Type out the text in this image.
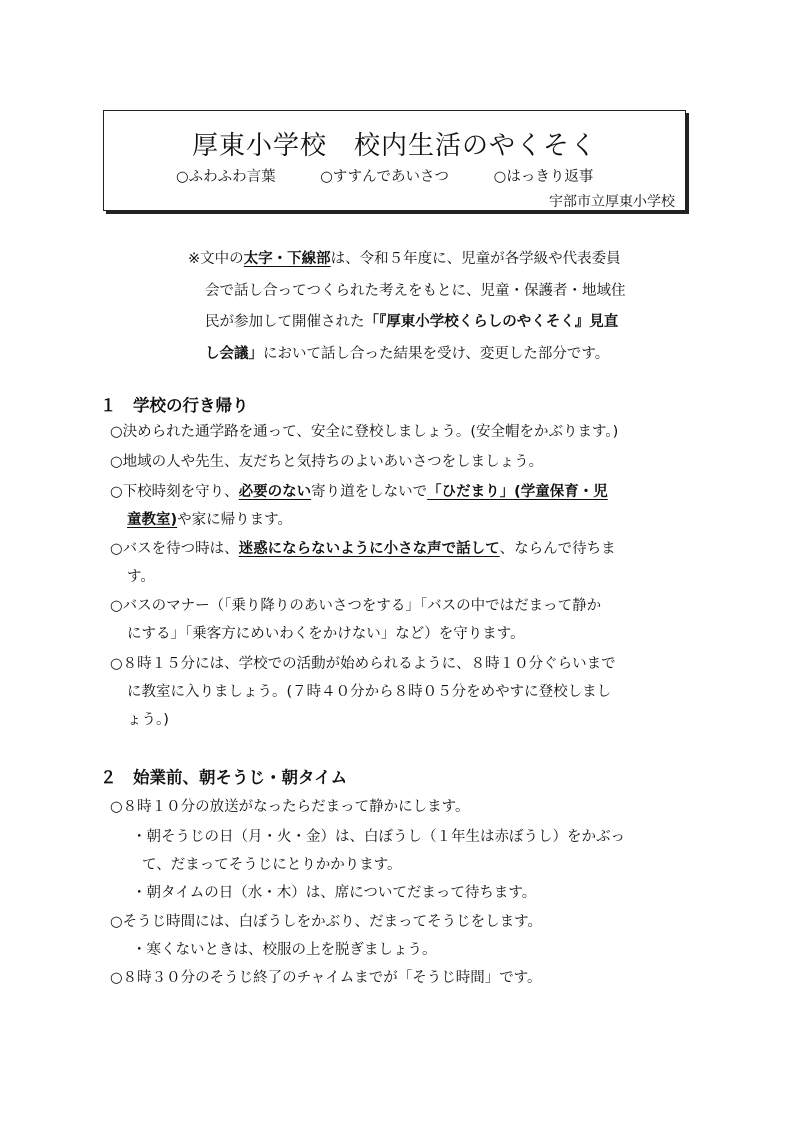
厚東小学校　校内生活のやくそく
○ふわふわ言葉	○すすんであいさつ	○はっきり返事
宇部市立厚東小学校
※文中の太字・下線部は、令和５年度に、児童が各学級や代表委員
会で話し合ってつくられた考えをもとに、児童・保護者・地域住
民が参加して開催された「『厚東小学校くらしのやくそく』見直
し会議」において話し合った結果を受け、変更した部分です。
１　学校の行き帰り
○決められた通学路を通って、安全に登校しましょう。(安全帽をかぶります。)
○地域の人や先生、友だちと気持ちのよいあいさつをしましょう。
○下校時刻を守り、必要のない寄り道をしないで「ひだまり」(学童保育・児
童教室)や家に帰ります。
○バスを待つ時は、迷惑にならないように小さな声で話して、ならんで待ちま
す。
○バスのマナー（「乗り降りのあいさつをする」「バスの中ではだまって静か
にする」「乗客方にめいわくをかけない」など）を守ります。
○８時１５分には、学校での活動が始められるように、８時１０分ぐらいまで
に教室に入りましょう。(７時４０分から８時０５分をめやすに登校しまし
ょう。)
２　始業前、朝そうじ・朝タイム
○８時１０分の放送がなったらだまって静かにします。
・朝そうじの日（月・火・金）は、白ぼうし（１年生は赤ぼうし）をかぶっ
て、だまってそうじにとりかかります。
・朝タイムの日（水・木）は、席についてだまって待ちます。
○そうじ時間には、白ぼうしをかぶり、だまってそうじをします。
・寒くないときは、校服の上を脱ぎましょう。
○８時３０分のそうじ終了のチャイムまでが「そうじ時間」です。
